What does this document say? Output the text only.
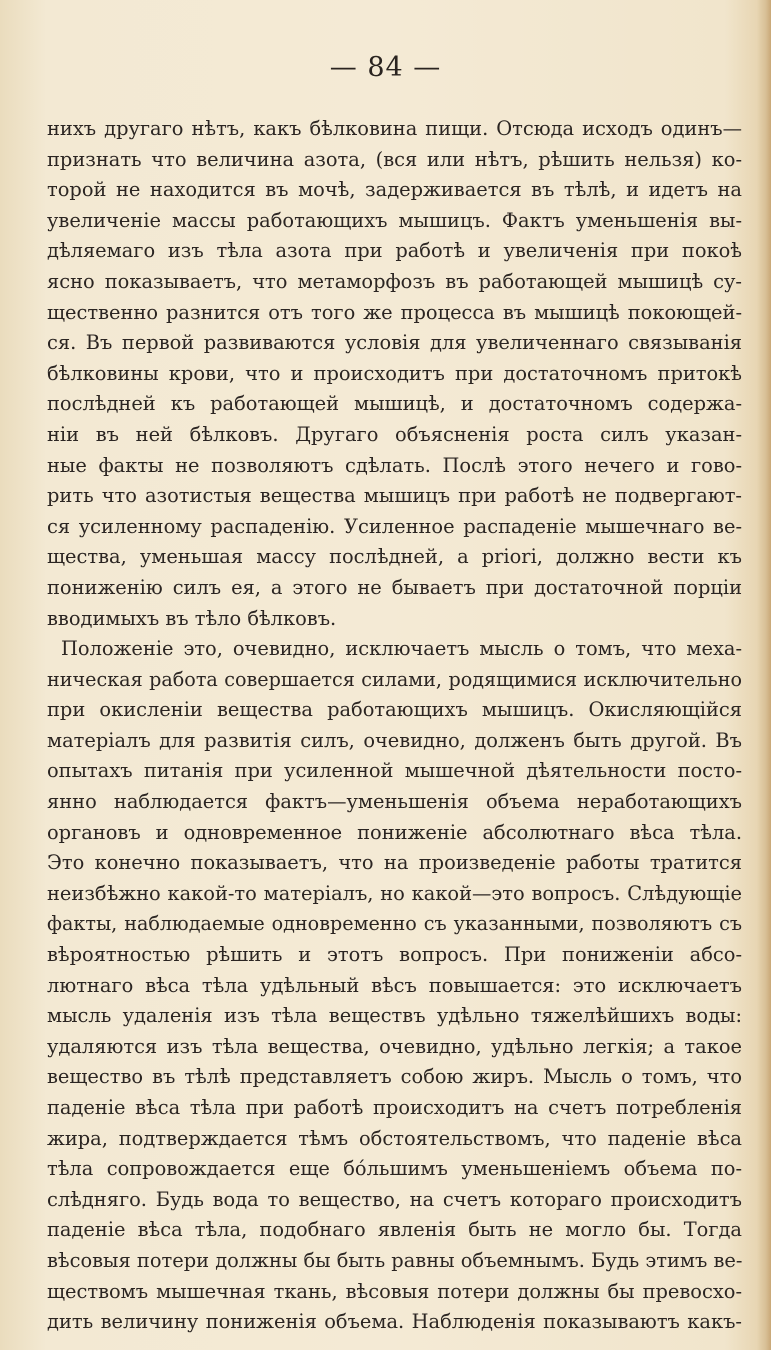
— 84 —
нихъ другаго нѣтъ, какъ бѣлковина пищи. Отсюда исходъ одинъ—
признать что величина азота, (вся или нѣтъ, рѣшить нельзя) ко-
торой не находится въ мочѣ, задерживается въ тѣлѣ, и идетъ на
увеличеніе массы работающихъ мышицъ. Фактъ уменьшенія вы-
дѣляемаго изъ тѣла азота при работѣ и увеличенія при покоѣ
ясно показываетъ, что метаморфозъ въ работающей мышицѣ су-
щественно разнится отъ того же процесса въ мышицѣ покоющей-
ся. Въ первой развиваются условія для увеличеннаго связыванія
бѣлковины крови, что и происходитъ при достаточномъ притокѣ
послѣдней къ работающей мышицѣ, и достаточномъ содержа-
ніи въ ней бѣлковъ. Другаго объясненія роста силъ указан-
ные факты не позволяютъ сдѣлать. Послѣ этого нечего и гово-
рить что азотистыя вещества мышицъ при работѣ не подвергают-
ся усиленному распаденію. Усиленное распаденіе мышечнаго ве-
щества, уменьшая массу послѣдней, a priori, должно вести къ
пониженію силъ ея, а этого не бываетъ при достаточной порціи
вводимыхъ въ тѣло бѣлковъ.
Положеніе это, очевидно, исключаетъ мысль о томъ, что меха-
ническая работа совершается силами, родящимися исключительно
при окисленіи вещества работающихъ мышицъ. Окисляющійся
матеріалъ для развитія силъ, очевидно, долженъ быть другой. Въ
опытахъ питанія при усиленной мышечной дѣятельности посто-
янно наблюдается фактъ—уменьшенія объема неработающихъ
органовъ и одновременное пониженіе абсолютнаго вѣса тѣла.
Это конечно показываетъ, что на произведеніе работы тратится
неизбѣжно какой-то матеріалъ, но какой—это вопросъ. Слѣдующіе
факты, наблюдаемые одновременно съ указанными, позволяютъ съ
вѣроятностью рѣшить и этотъ вопросъ. При пониженіи абсо-
лютнаго вѣса тѣла удѣльный вѣсъ повышается: это исключаетъ
мысль удаленія изъ тѣла веществъ удѣльно тяжелѣйшихъ воды:
удаляются изъ тѣла вещества, очевидно, удѣльно легкія; а такое
вещество въ тѣлѣ представляетъ собою жиръ. Мысль о томъ, что
паденіе вѣса тѣла при работѣ происходитъ на счетъ потребленія
жира, подтверждается тѣмъ обстоятельствомъ, что паденіе вѣса
тѣла сопровождается еще бо́льшимъ уменьшеніемъ объема по-
слѣдняго. Будь вода то вещество, на счетъ котораго происходитъ
паденіе вѣса тѣла, подобнаго явленія быть не могло бы. Тогда
вѣсовыя потери должны бы быть равны объемнымъ. Будь этимъ ве-
ществомъ мышечная ткань, вѣсовыя потери должны бы превосхо-
дить величину пониженія объема. Наблюденія показываютъ какъ-
